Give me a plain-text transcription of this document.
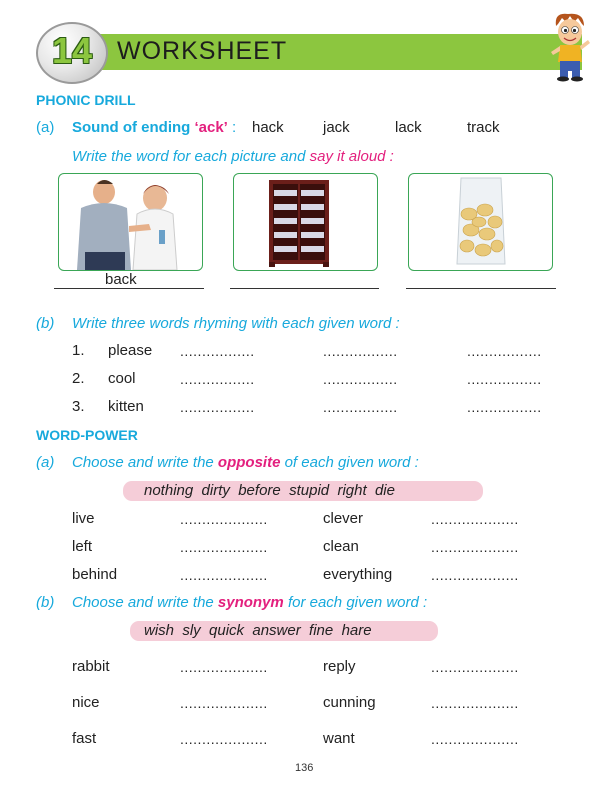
14 WORKSHEET
PHONIC DRILL
(a) Sound of ending ‘ack’ : hack	jack	lack	track
Write the word for each picture and say it aloud :
back
(b) Write three words rhyming with each given word :
1. please .................	.................	.................
2. cool	.................	.................	.................
3. kitten	.................	.................	.................
WORD-POWER
(a) Choose and write the opposite of each given word :
nothing  dirty  before  stupid  right  die
live	....................	clever	....................
left	....................	clean	....................
behind	....................	everything	....................
(b) Choose and write the synonym for each given word :
wish  sly  quick  answer  fine  hare
rabbit	....................	reply	....................
nice	....................	cunning	....................
fast	....................	want	....................
136
